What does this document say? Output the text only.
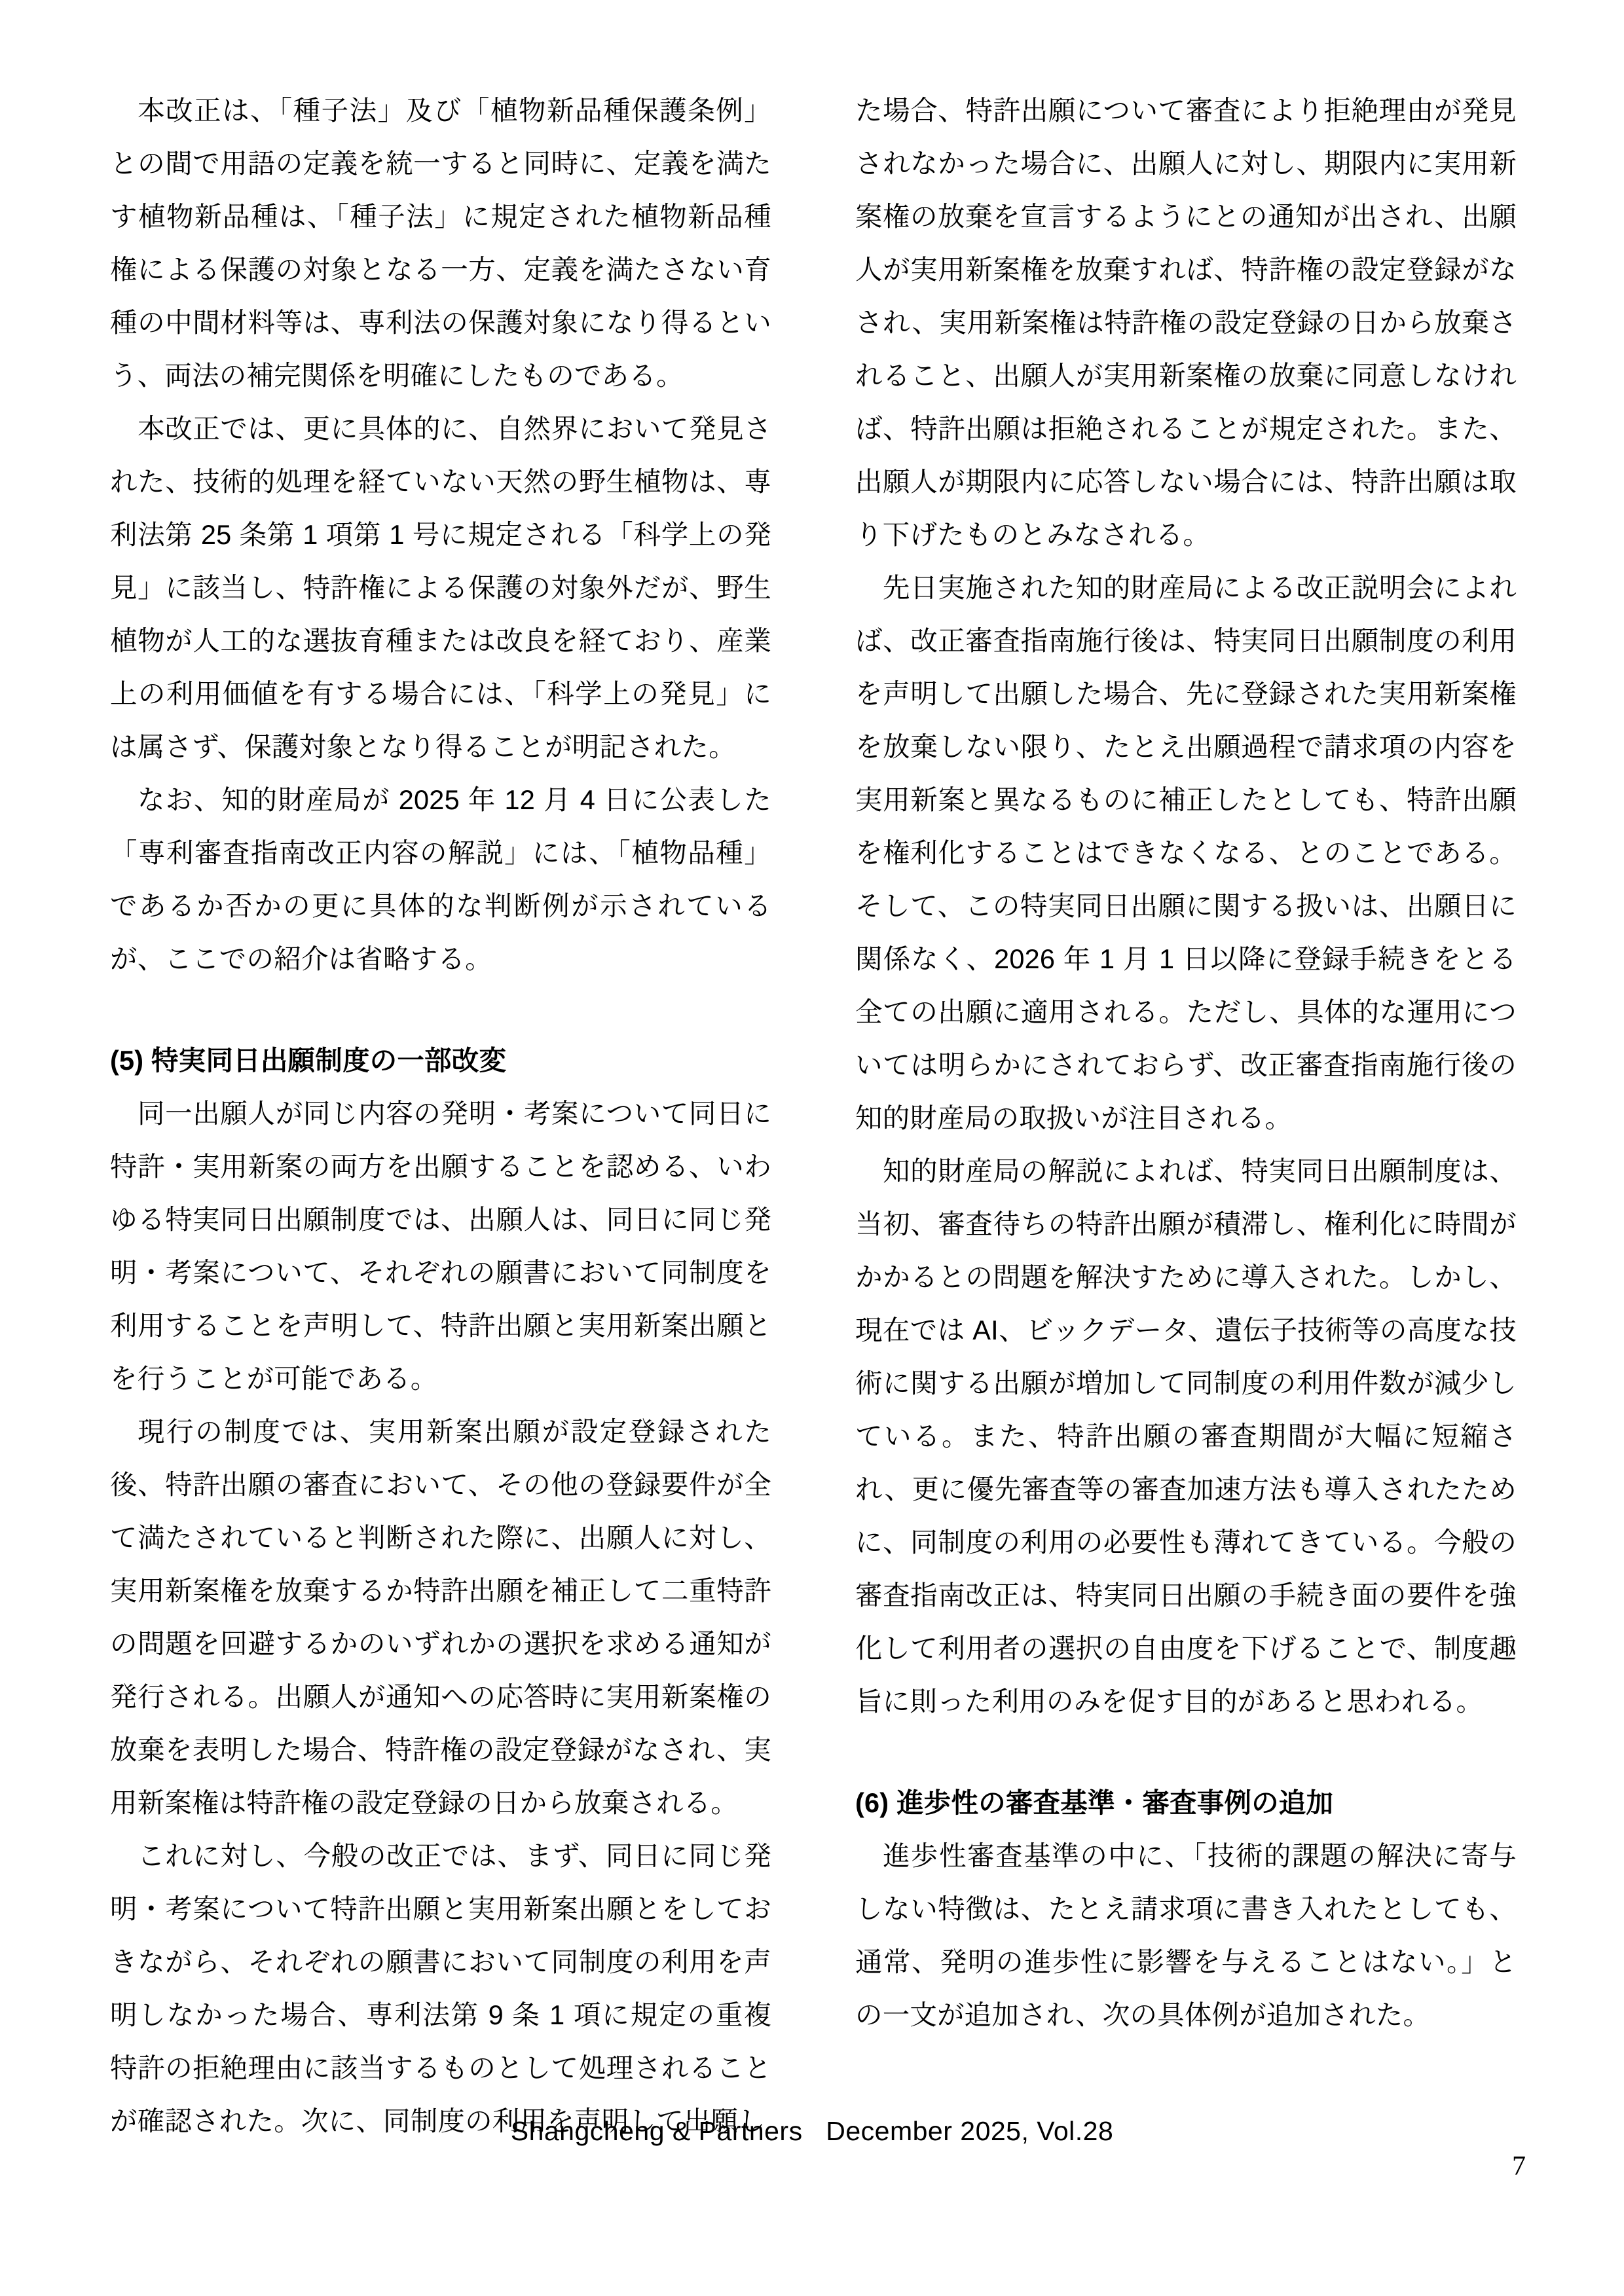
本改正は、「種子法」及び「植物新品種保護条例」との間で用語の定義を統一すると同時に、定義を満たす植物新品種は、「種子法」に規定された植物新品種権による保護の対象となる一方、定義を満たさない育種の中間材料等は、専利法の保護対象になり得るという、両法の補完関係を明確にしたものである。

本改正では、更に具体的に、自然界において発見された、技術的処理を経ていない天然の野生植物は、専利法第 25 条第 1 項第 1 号に規定される「科学上の発見」に該当し、特許権による保護の対象外だが、野生植物が人工的な選抜育種または改良を経ており、産業上の利用価値を有する場合には、「科学上の発見」には属さず、保護対象となり得ることが明記された。

なお、知的財産局が 2025 年 12 月 4 日に公表した「専利審査指南改正内容の解説」には、「植物品種」であるか否かの更に具体的な判断例が示されているが、ここでの紹介は省略する。

(5) 特実同日出願制度の一部改変

同一出願人が同じ内容の発明・考案について同日に特許・実用新案の両方を出願することを認める、いわゆる特実同日出願制度では、出願人は、同日に同じ発明・考案について、それぞれの願書において同制度を利用することを声明して、特許出願と実用新案出願とを行うことが可能である。

現行の制度では、実用新案出願が設定登録された後、特許出願の審査において、その他の登録要件が全て満たされていると判断された際に、出願人に対し、実用新案権を放棄するか特許出願を補正して二重特許の問題を回避するかのいずれかの選択を求める通知が発行される。出願人が通知への応答時に実用新案権の放棄を表明した場合、特許権の設定登録がなされ、実用新案権は特許権の設定登録の日から放棄される。

これに対し、今般の改正では、まず、同日に同じ発明・考案について特許出願と実用新案出願とをしておきながら、それぞれの願書において同制度の利用を声明しなかった場合、専利法第 9 条 1 項に規定の重複特許の拒絶理由に該当するものとして処理されることが確認された。次に、同制度の利用を声明して出願し

た場合、特許出願について審査により拒絶理由が発見されなかった場合に、出願人に対し、期限内に実用新案権の放棄を宣言するようにとの通知が出され、出願人が実用新案権を放棄すれば、特許権の設定登録がなされ、実用新案権は特許権の設定登録の日から放棄されること、出願人が実用新案権の放棄に同意しなければ、特許出願は拒絶されることが規定された。また、出願人が期限内に応答しない場合には、特許出願は取り下げたものとみなされる。

先日実施された知的財産局による改正説明会によれば、改正審査指南施行後は、特実同日出願制度の利用を声明して出願した場合、先に登録された実用新案権を放棄しない限り、たとえ出願過程で請求項の内容を実用新案と異なるものに補正したとしても、特許出願を権利化することはできなくなる、とのことである。そして、この特実同日出願に関する扱いは、出願日に関係なく、2026 年 1 月 1 日以降に登録手続きをとる全ての出願に適用される。ただし、具体的な運用については明らかにされておらず、改正審査指南施行後の知的財産局の取扱いが注目される。

知的財産局の解説によれば、特実同日出願制度は、当初、審査待ちの特許出願が積滞し、権利化に時間がかかるとの問題を解決すために導入された。しかし、現在では AI、ビックデータ、遺伝子技術等の高度な技術に関する出願が増加して同制度の利用件数が減少している。また、特許出願の審査期間が大幅に短縮され、更に優先審査等の審査加速方法も導入されたために、同制度の利用の必要性も薄れてきている。今般の審査指南改正は、特実同日出願の手続き面の要件を強化して利用者の選択の自由度を下げることで、制度趣旨に則った利用のみを促す目的があると思われる。

(6) 進歩性の審査基準・審査事例の追加

進歩性審査基準の中に、「技術的課題の解決に寄与しない特徴は、たとえ請求項に書き入れたとしても、通常、発明の進歩性に影響を与えることはない。」との一文が追加され、次の具体例が追加された。

Shangcheng & Partners   December 2025, Vol.28
7
